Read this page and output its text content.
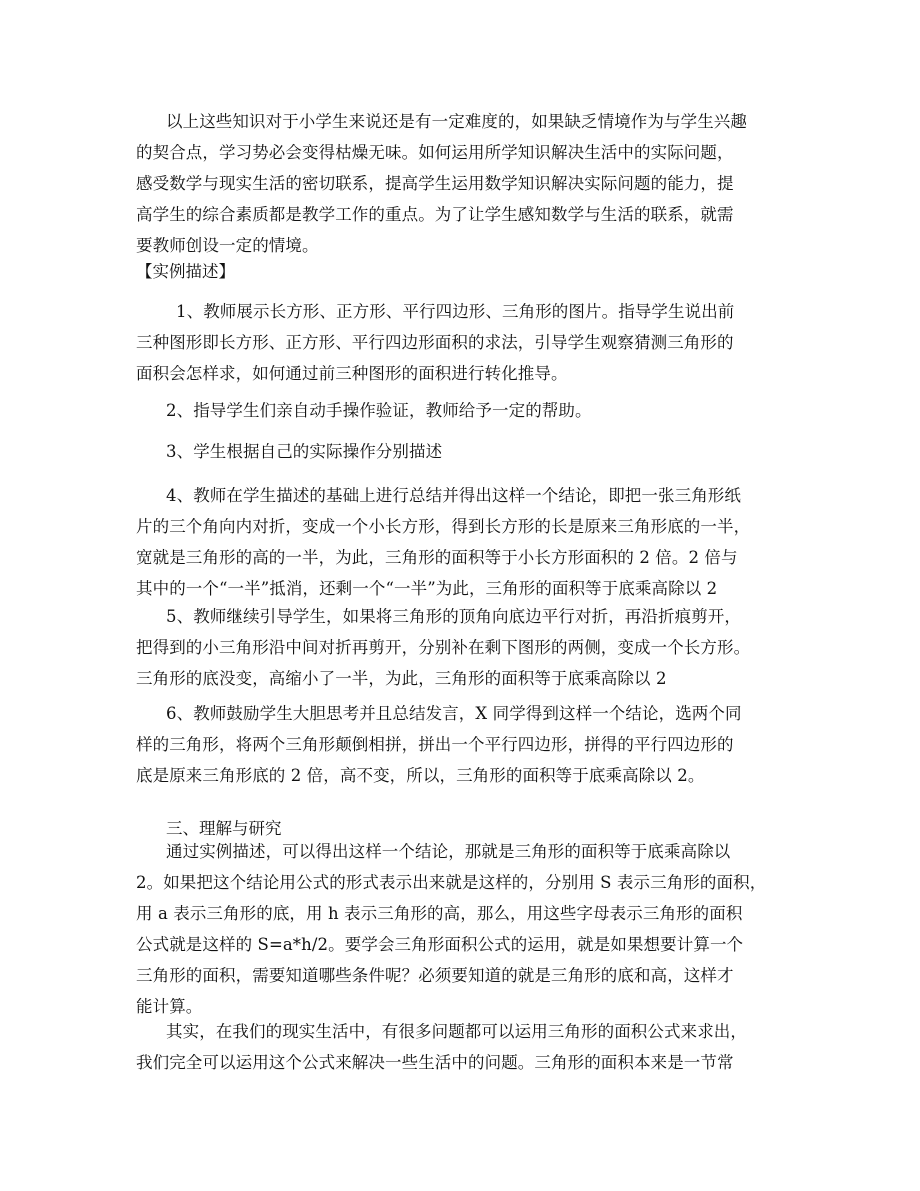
以上这些知识对于小学生来说还是有一定难度的，如果缺乏情境作为与学生兴趣
的契合点，学习势必会变得枯燥无味。如何运用所学知识解决生活中的实际问题，
感受数学与现实生活的密切联系，提高学生运用数学知识解决实际问题的能力，提
高学生的综合素质都是教学工作的重点。为了让学生感知数学与生活的联系，就需
要教师创设一定的情境。
【实例描述】
1、教师展示长方形、正方形、平行四边形、三角形的图片。指导学生说出前
三种图形即长方形、正方形、平行四边形面积的求法，引导学生观察猜测三角形的
面积会怎样求，如何通过前三种图形的面积进行转化推导。
2、指导学生们亲自动手操作验证，教师给予一定的帮助。
3、学生根据自己的实际操作分别描述
4、教师在学生描述的基础上进行总结并得出这样一个结论，即把一张三角形纸
片的三个角向内对折，变成一个小长方形，得到长方形的长是原来三角形底的一半，
宽就是三角形的高的一半，为此，三角形的面积等于小长方形面积的 2 倍。2 倍与
其中的一个“一半”抵消，还剩一个“一半”为此，三角形的面积等于底乘高除以 2
5、教师继续引导学生，如果将三角形的顶角向底边平行对折，再沿折痕剪开，
把得到的小三角形沿中间对折再剪开，分别补在剩下图形的两侧，变成一个长方形。
三角形的底没变，高缩小了一半，为此，三角形的面积等于底乘高除以 2
6、教师鼓励学生大胆思考并且总结发言，X 同学得到这样一个结论，选两个同
样的三角形，将两个三角形颠倒相拼，拼出一个平行四边形，拼得的平行四边形的
底是原来三角形底的 2 倍，高不变，所以，三角形的面积等于底乘高除以 2。
三、理解与研究
通过实例描述，可以得出这样一个结论，那就是三角形的面积等于底乘高除以
2。如果把这个结论用公式的形式表示出来就是这样的，分别用 S 表示三角形的面积，
用 a 表示三角形的底，用 h 表示三角形的高，那么，用这些字母表示三角形的面积
公式就是这样的 S=a*h/2。要学会三角形面积公式的运用，就是如果想要计算一个
三角形的面积，需要知道哪些条件呢？必须要知道的就是三角形的底和高，这样才
能计算。
其实，在我们的现实生活中，有很多问题都可以运用三角形的面积公式来求出，
我们完全可以运用这个公式来解决一些生活中的问题。三角形的面积本来是一节常
